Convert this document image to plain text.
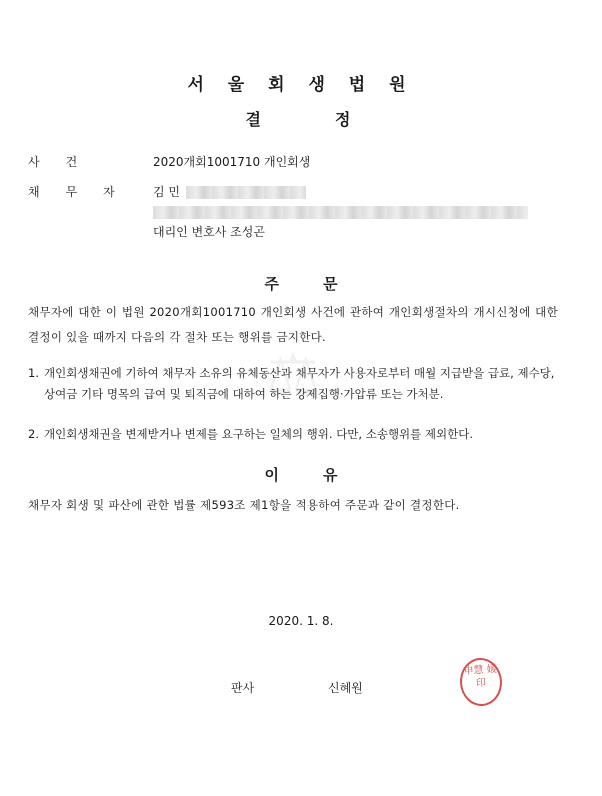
⚖
서 울 회 생 법 원
결정
사건	2020개회1001710 개인회생
채무자 김 민
대리인 변호사 조성곤
주문
채무자에 대한 이 법원 2020개회1001710 개인회생 사건에 관하여 개인회생절차의 개시신청에 대한 결정이 있을 때까지 다음의 각 절차 또는 행위를 금지한다.
1. 개인회생채권에 기하여 채무자 소유의 유체동산과 채무자가 사용자로부터 매월 지급받을 급료, 제수당, 상여금 기타 명목의 급여 및 퇴직금에 대하여 하는 강제집행·가압류 또는 가처분.
2. 개인회생채권을 변제받거나 변제를 요구하는 일체의 행위. 다만, 소송행위를 제외한다.
이유
채무자 회생 및 파산에 관한 법률 제593조 제1항을 적용하여 주문과 같이 결정한다.
2020. 1. 8.
판사	신혜원
申慧 媛印
